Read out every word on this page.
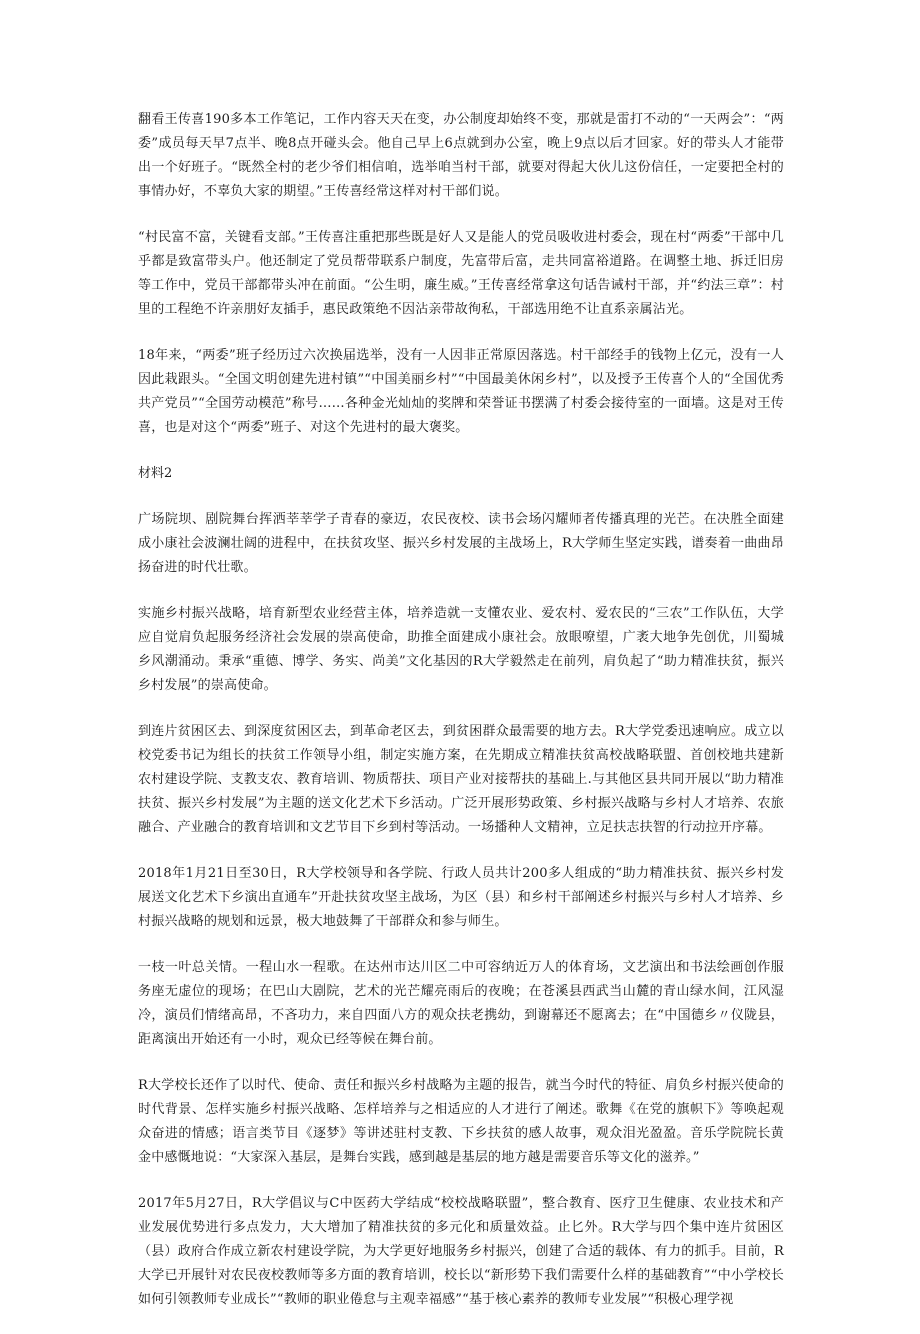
翻看王传喜190多本工作笔记，工作内容天天在变，办公制度却始终不变，那就是雷打不动的“一天两会”：“两委”成员每天早7点半、晚8点开碰头会。他自己早上6点就到办公室，晚上9点以后才回家。好的带头人才能带出一个好班子。“既然全村的老少爷们相信咱，选举咱当村干部，就要对得起大伙儿这份信任，一定要把全村的事情办好，不辜负大家的期望。”王传喜经常这样对村干部们说。

“村民富不富，关键看支部。”王传喜注重把那些既是好人又是能人的党员吸收进村委会，现在村“两委”干部中几乎都是致富带头户。他还制定了党员帮带联系户制度，先富带后富，走共同富裕道路。在调整土地、拆迁旧房等工作中，党员干部都带头冲在前面。“公生明，廉生威。”王传喜经常拿这句话告诫村干部，并“约法三章”：村里的工程绝不许亲朋好友插手，惠民政策绝不因沾亲带故徇私，干部选用绝不让直系亲属沾光。

18年来，“两委”班子经历过六次换届选举，没有一人因非正常原因落选。村干部经手的钱物上亿元，没有一人因此栽跟头。“全国文明创建先进村镇”“中国美丽乡村”“中国最美休闲乡村”，以及授予王传喜个人的“全国优秀共产党员”“全国劳动模范”称号……各种金光灿灿的奖牌和荣誉证书摆满了村委会接待室的一面墙。这是对王传喜，也是对这个“两委”班子、对这个先进村的最大褒奖。

材料2

广场院坝、剧院舞台挥洒莘莘学子青春的豪迈，农民夜校、读书会场闪耀师者传播真理的光芒。在决胜全面建成小康社会波澜壮阔的进程中，在扶贫攻坚、振兴乡村发展的主战场上，R大学师生坚定实践，谱奏着一曲曲昂扬奋进的时代壮歌。

实施乡村振兴战略，培育新型农业经营主体，培养造就一支懂农业、爱农村、爱农民的“三农”工作队伍，大学应自觉肩负起服务经济社会发展的崇高使命，助推全面建成小康社会。放眼嘹望，广袤大地争先创优，川蜀城乡风潮涌动。秉承“重德、博学、务实、尚美”文化基因的R大学毅然走在前列，肩负起了“助力精准扶贫，振兴乡村发展”的崇高使命。

到连片贫困区去、到深度贫困区去，到革命老区去，到贫困群众最需要的地方去。R大学党委迅速响应。成立以校党委书记为组长的扶贫工作领导小组，制定实施方案，在先期成立精准扶贫高校战略联盟、首创校地共建新农村建设学院、支教支农、教育培训、物质帮扶、项目产业对接帮扶的基础上.与其他区县共同开展以“助力精准扶贫、振兴乡村发展”为主题的送文化艺术下乡活动。广泛开展形势政策、乡村振兴战略与乡村人才培养、农旅融合、产业融合的教育培训和文艺节目下乡到村等活动。一场播种人文精神，立足扶志扶智的行动拉开序幕。

2018年1月21日至30日，R大学校领导和各学院、行政人员共计200多人组成的“助力精准扶贫、振兴乡村发展送文化艺术下乡演出直通车”开赴扶贫攻坚主战场，为区（县）和乡村干部阐述乡村振兴与乡村人才培养、乡村振兴战略的规划和远景，极大地鼓舞了干部群众和参与师生。

一枝一叶总关情。一程山水一程歌。在达州市达川区二中可容纳近万人的体育场，文艺演出和书法绘画创作服务座无虚位的现场；在巴山大剧院，艺术的光芒耀亮雨后的夜晚；在苍溪县西武当山麓的青山绿水间，江风湿冷，演员们情绪高昂，不吝功力，来自四面八方的观众扶老携幼，到谢幕还不愿离去；在“中国德乡〃仪陇县，距离演出开始还有一小时，观众已经等候在舞台前。

R大学校长还作了以时代、使命、责任和振兴乡村战略为主题的报告，就当今时代的特征、肩负乡村振兴使命的时代背景、怎样实施乡村振兴战略、怎样培养与之相适应的人才进行了阐述。歌舞《在党的旗帜下》等唤起观众奋进的情感；语言类节目《逐梦》等讲述驻村支教、下乡扶贫的感人故事，观众泪光盈盈。音乐学院院长黄金中感慨地说：“大家深入基层，是舞台实践，感到越是基层的地方越是需要音乐等文化的滋养。”

2017年5月27日，R大学倡议与C中医药大学结成“校校战略联盟”，整合教育、医疗卫生健康、农业技术和产业发展优势进行多点发力，大大增加了精准扶贫的多元化和质量效益。止匕外。R大学与四个集中连片贫困区（县）政府合作成立新农村建设学院，为大学更好地服务乡村振兴，创建了合适的载体、有力的抓手。目前，R大学已开展针对农民夜校教师等多方面的教育培训，校长以“新形势下我们需要什么样的基础教育”“中小学校长如何引领教师专业成长”“教师的职业倦怠与主观幸福感”“基于核心素养的教师专业发展”“积极心理学视
